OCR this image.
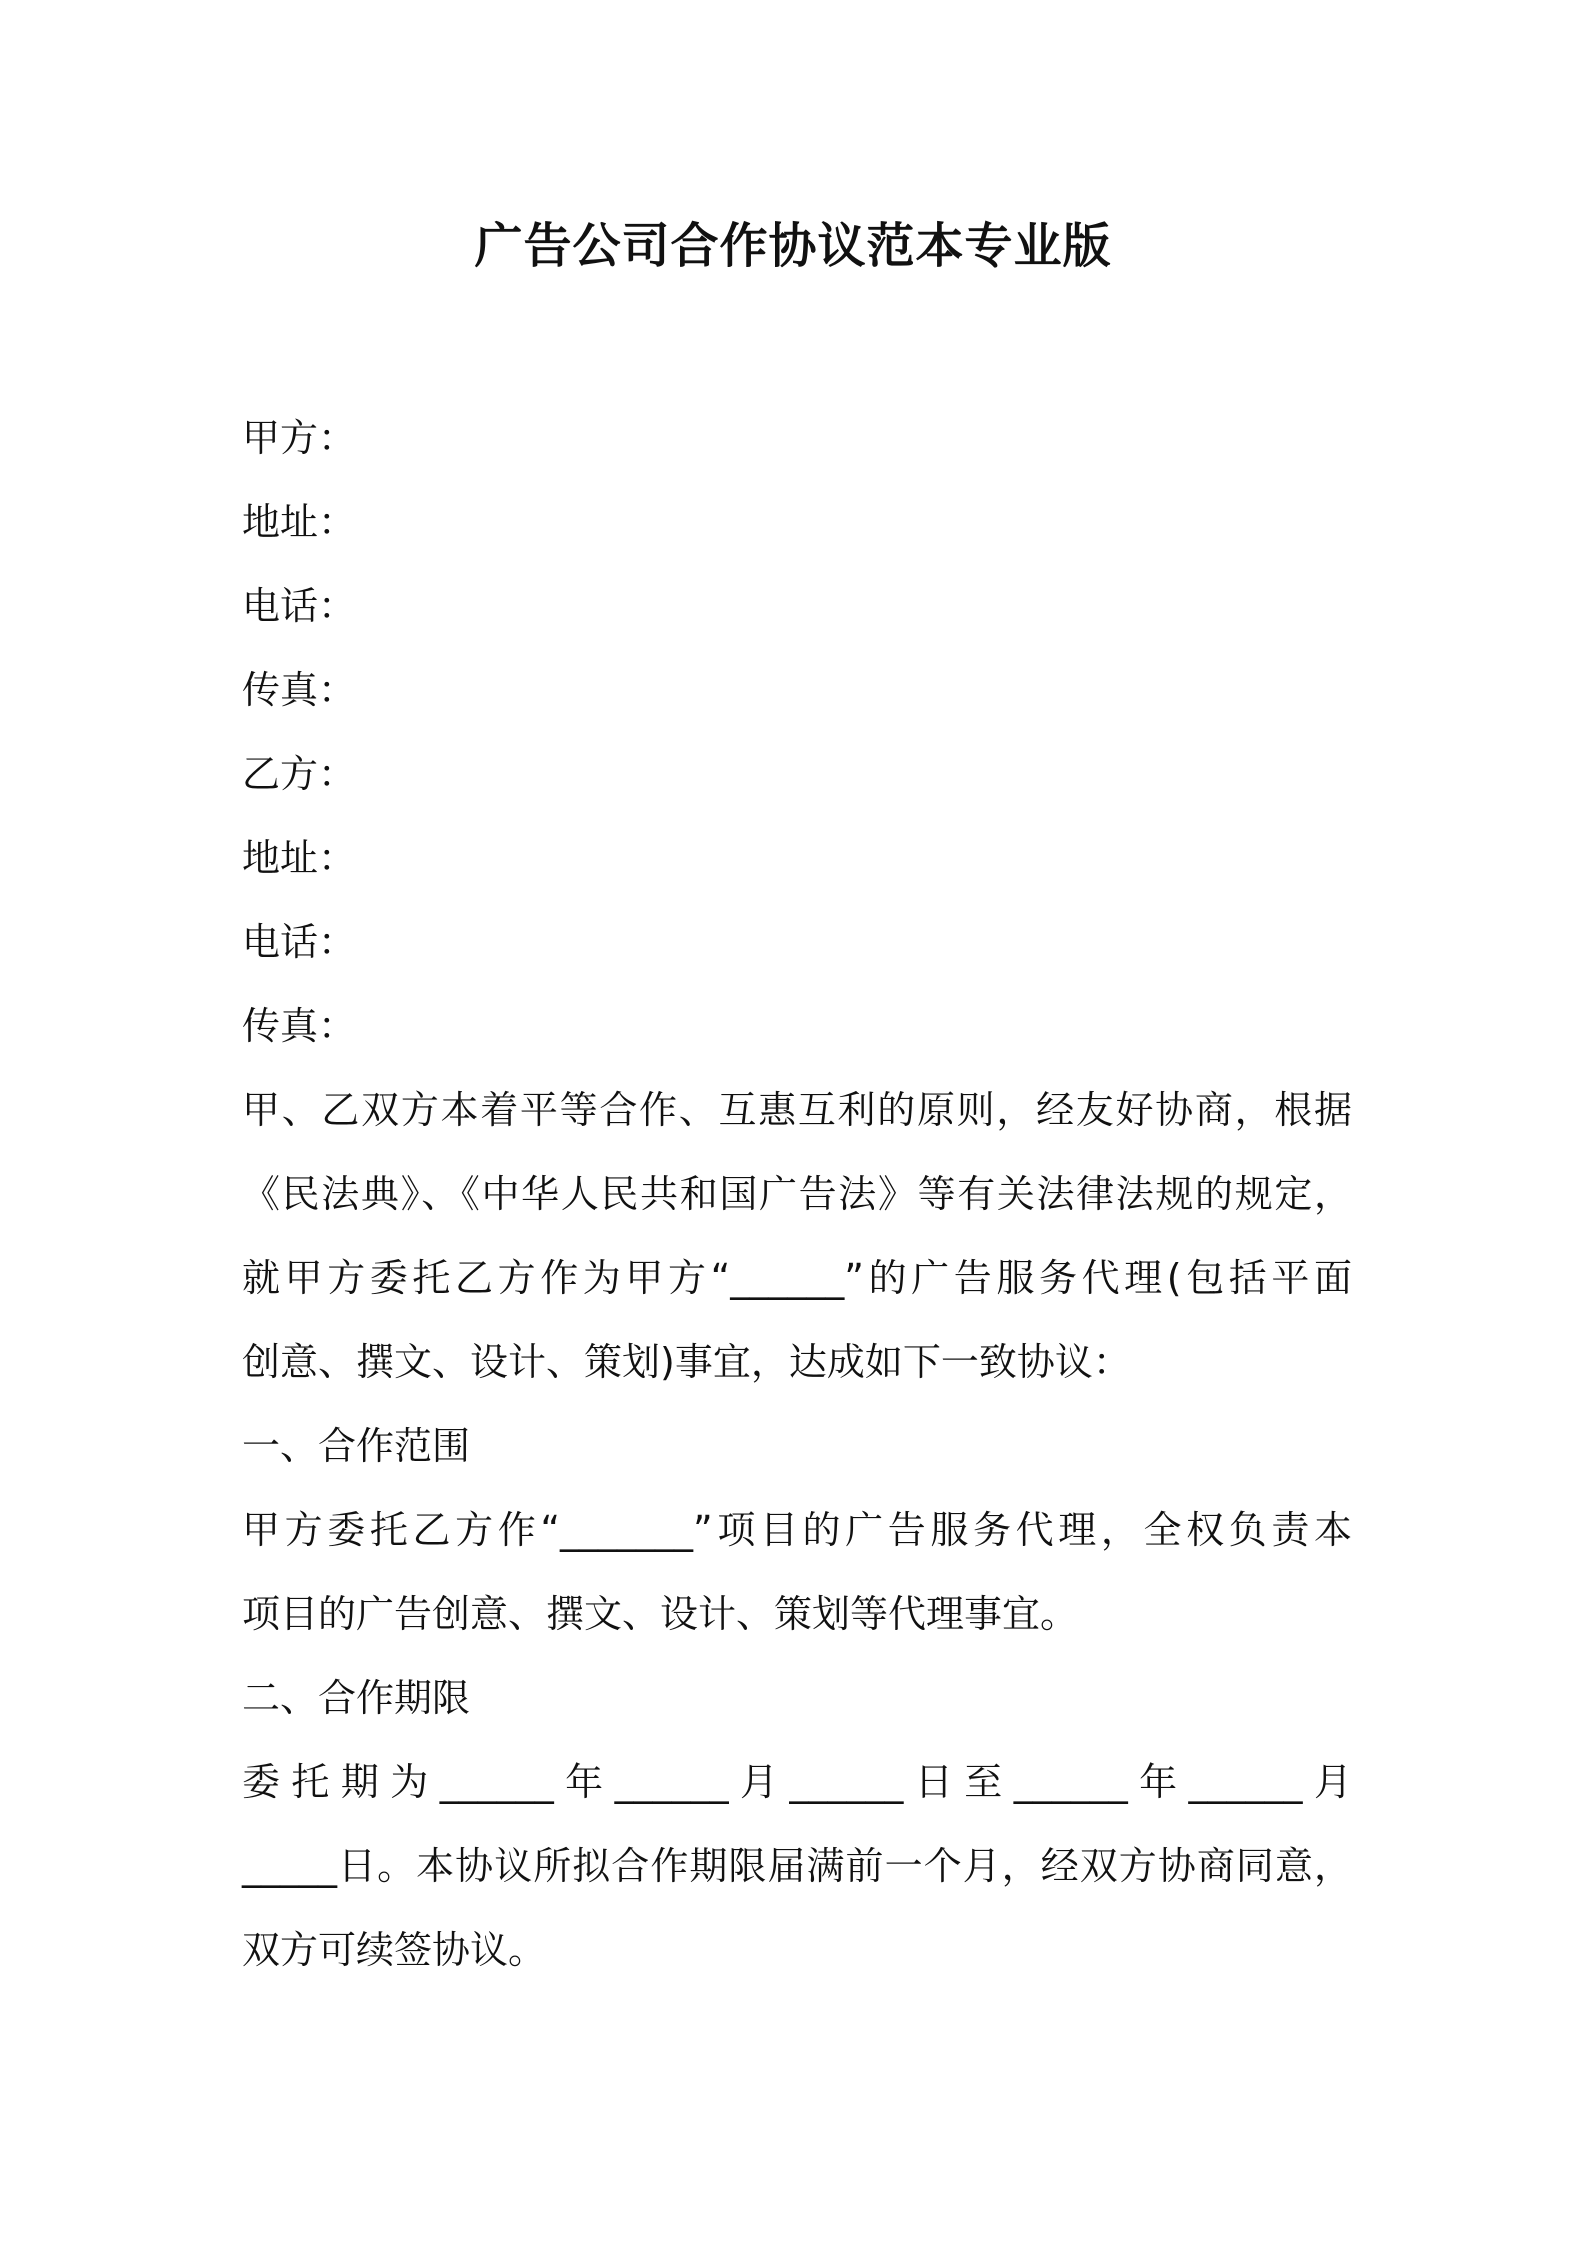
广告公司合作协议范本专业版
甲方：
地址：
电话：
传真：
乙方：
地址：
电话：
传真：
甲、乙双方本着平等合作、互惠互利的原则，经友好协商，根据
《民法典》、《中华人民共和国广告法》等有关法律法规的规定，
就甲方委托乙方作为甲方“______”的广告服务代理(包括平面
创意、撰文、设计、策划)事宜，达成如下一致协议：
一、合作范围
甲方委托乙方作“_______”项目的广告服务代理，全权负责本
项目的广告创意、撰文、设计、策划等代理事宜。
二、合作期限
委托期为______年______月______日至______年______月
_____日。本协议所拟合作期限届满前一个月，经双方协商同意，
双方可续签协议。
